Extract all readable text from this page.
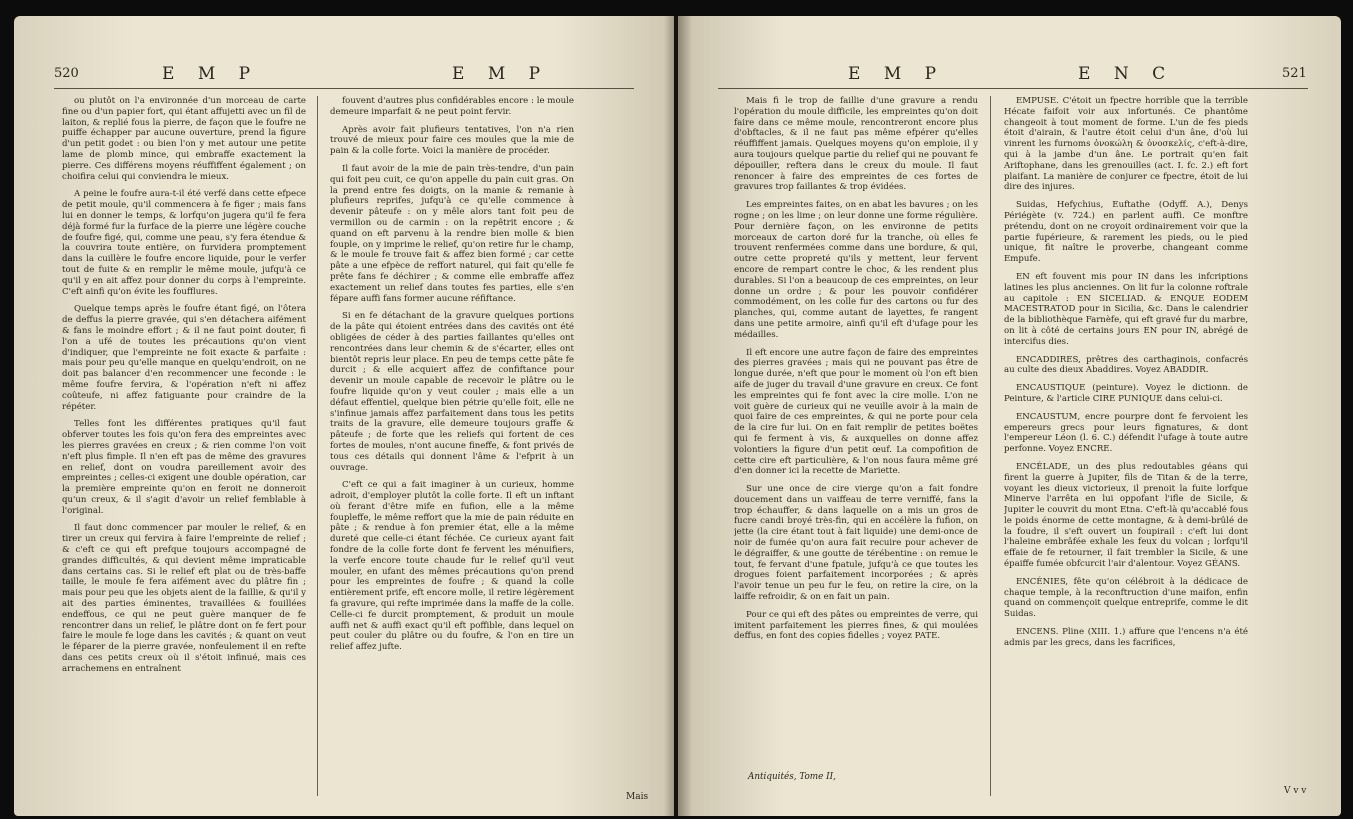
520	E M P	E M P

ou plutôt on l'a environnée d'un morceau de carte fine ou d'un papier fort, qui étant affujetti avec un fil de laiton, & replié fous la pierre, de façon que le foufre ne puiffe échapper par aucune ouverture, prend la figure d'un petit godet : ou bien l'on y met autour une petite lame de plomb mince, qui embraffe exactement la pierre. Ces différens moyens réuffiffent également ; on choifira celui qui conviendra le mieux.

A peine le foufre aura-t-il été verfé dans cette efpece de petit moule, qu'il commencera à fe figer ; mais fans lui en donner le temps, & lorfqu'on jugera qu'il fe fera déjà formé fur la furface de la pierre une légère couche de foufre figé, qui, comme une peau, s'y fera étendue & la couvrira toute entière, on furvidera promptement dans la cuillère le foufre encore liquide, pour le verfer tout de fuite & en remplir le même moule, jufqu'à ce qu'il y en ait affez pour donner du corps à l'empreinte. C'eft ainfi qu'on évite les foufflures.

Quelque temps après le foufre étant figé, on l'ôtera de deffus la pierre gravée, qui s'en détachera aifément & fans le moindre effort ; & il ne faut point douter, fi l'on a ufé de toutes les précautions qu'on vient d'indiquer, que l'empreinte ne foit exacte & parfaite : mais pour peu qu'elle manque en quelqu'endroit, on ne doit pas balancer d'en recommencer une feconde : le même foufre fervira, & l'opération n'eft ni affez coûteufe, ni affez fatiguante pour craindre de la répéter.

Telles font les différentes pratiques qu'il faut obferver toutes les fois qu'on fera des empreintes avec les pierres gravées en creux ; & rien comme l'on voit n'eft plus fimple. Il n'en eft pas de même des gravures en relief, dont on voudra pareillement avoir des empreintes ; celles-ci exigent une double opération, car la première empreinte qu'on en feroit ne donneroit qu'un creux, & il s'agit d'avoir un relief femblable à l'original.

Il faut donc commencer par mouler le relief, & en tirer un creux qui fervira à faire l'empreinte de relief ; & c'eft ce qui eft prefque toujours accompagné de grandes difficultés, & qui devient même impraticable dans certains cas. Si le relief eft plat ou de très-baffe taille, le moule fe fera aifément avec du plâtre fin ; mais pour peu que les objets aient de la faillie, & qu'il y ait des parties éminentes, travaillées & fouillées endeffous, ce qui ne peut guère manquer de fe rencontrer dans un relief, le plâtre dont on fe fert pour faire le moule fe loge dans les cavités ; & quant on veut le féparer de la pierre gravée, nonfeulement il en refte dans ces petits creux où il s'étoit infinué, mais ces arrachemens en entraînent

fouvent d'autres plus confidérables encore : le moule demeure imparfait & ne peut point fervir.

Après avoir fait plufieurs tentatives, l'on n'a rien trouvé de mieux pour faire ces moules que la mie de pain & la colle forte. Voici la manière de procéder.

Il faut avoir de la mie de pain très-tendre, d'un pain qui foit peu cuit, ce qu'on appelle du pain cuit gras. On la prend entre fes doigts, on la manie & remanie à plufieurs reprifes, jufqu'à ce qu'elle commence à devenir pâteufe : on y mêle alors tant foit peu de vermillon ou de carmin : on la repêtrit encore ; & quand on eft parvenu à la rendre bien molle & bien fouple, on y imprime le relief, qu'on retire fur le champ, & le moule fe trouve fait & affez bien formé ; car cette pâte a une efpèce de reffort naturel, qui fait qu'elle fe prête fans fe déchirer ; & comme elle embraffe affez exactement un relief dans toutes fes parties, elle s'en fépare auffi fans former aucune réfiftance.

Si en fe détachant de la gravure quelques portions de la pâte qui étoient entrées dans des cavités ont été obligées de céder à des parties faillantes qu'elles ont rencontrées dans leur chemin & de s'écarter, elles ont bientôt repris leur place. En peu de temps cette pâte fe durcit ; & elle acquiert affez de confiftance pour devenir un moule capable de recevoir le plâtre ou le foufre liquide qu'on y veut couler ; mais elle a un défaut effentiel, quelque bien pétrie qu'elle foit, elle ne s'infinue jamais affez parfaitement dans tous les petits traits de la gravure, elle demeure toujours graffe & pâteufe ; de forte que les reliefs qui fortent de ces fortes de moules, n'ont aucune fineffe, & font privés de tous ces détails qui donnent l'âme & l'efprit à un ouvrage.

C'eft ce qui a fait imaginer à un curieux, homme adroit, d'employer plutôt la colle forte. Il eft un inftant où ferant d'être mife en fufion, elle a la même foupleffe, le même reffort que la mie de pain réduite en pâte ; & rendue à fon premier état, elle a la même dureté que celle-ci étant féchée. Ce curieux ayant fait fondre de la colle forte dont fe fervent les ménuifiers, la verfe encore toute chaude fur le relief qu'il veut mouler, en ufant des mêmes précautions qu'on prend pour les empreintes de foufre ; & quand la colle entièrement prife, eft encore molle, il retire légèrement fa gravure, qui refte imprimée dans la maffe de la colle. Celle-ci fe durcit promptement, & produit un moule auffi net & auffi exact qu'il eft poffible, dans lequel on peut couler du plâtre ou du foufre, & l'on en tire un relief affez jufte.

Mais
E M P	E N C	521

Mais fi le trop de faillie d'une gravure a rendu l'opération du moule difficile, les empreintes qu'on doit faire dans ce même moule, rencontreront encore plus d'obftacles, & il ne faut pas même efpérer qu'elles réuffiffent jamais. Quelques moyens qu'on emploie, il y aura toujours quelque partie du relief qui ne pouvant fe dépouiller, reftera dans le creux du moule. Il faut renoncer à faire des empreintes de ces fortes de gravures trop faillantes & trop évidées.

Les empreintes faites, on en abat les bavures ; on les rogne ; on les lime ; on leur donne une forme régulière. Pour dernière façon, on les environne de petits morceaux de carton doré fur la tranche, où elles fe trouvent renfermées comme dans une bordure, & qui, outre cette propreté qu'ils y mettent, leur fervent encore de rempart contre le choc, & les rendent plus durables. Si l'on a beaucoup de ces empreintes, on leur donne un ordre ; & pour les pouvoir confidérer commodément, on les colle fur des cartons ou fur des planches, qui, comme autant de layettes, fe rangent dans une petite armoire, ainfi qu'il eft d'ufage pour les médailles.

Il eft encore une autre façon de faire des empreintes des pierres gravées ; mais qui ne pouvant pas être de longue durée, n'eft que pour le moment où l'on eft bien aife de juger du travail d'une gravure en creux. Ce font les empreintes qui fe font avec la cire molle. L'on ne voit guère de curieux qui ne veuille avoir à la main de quoi faire de ces empreintes, & qui ne porte pour cela de la cire fur lui. On en fait remplir de petites boëtes qui fe ferment à vis, & auxquelles on donne affez volontiers la figure d'un petit œuf. La compofition de cette cire eft particulière, & l'on nous faura même gré d'en donner ici la recette de Mariette.

Sur une once de cire vierge qu'on a fait fondre doucement dans un vaiffeau de terre verniffé, fans la trop échauffer, & dans laquelle on a mis un gros de fucre candi broyé très-fin, qui en accélère la fufion, on jette (la cire étant tout à fait liquide) une demi-once de noir de fumée qu'on aura fait recuire pour achever de le dégraiffer, & une goutte de térébentine : on remue le tout, fe fervant d'une fpatule, jufqu'à ce que toutes les drogues foient parfaitement incorporées ; & après l'avoir tenue un peu fur le feu, on retire la cire, on la laiffe refroidir, & on en fait un pain.

Pour ce qui eft des pâtes ou empreintes de verre, qui imitent parfaitement les pierres fines, & qui moulées deffus, en font des copies fidelles ; voyez PATE.

EMPUSE. C'étoit un fpectre horrible que la terrible Hécate faifoit voir aux infortunés. Ce phantôme changeoit à tout moment de forme. L'un de fes pieds étoit d'airain, & l'autre étoit celui d'un âne, d'où lui vinrent les furnoms ὀνοκώλη & ὀνοσκελίς, c'eft-à-dire, qui à la jambe d'un âne. Le portrait qu'en fait Ariftophane, dans les grenouilles (act. I. fc. 2.) eft fort plaifant. La manière de conjurer ce fpectre, étoit de lui dire des injures.

Suidas, Hefychius, Euftathe (Odyff. A.), Denys Périégète (v. 724.) en parlent auffi. Ce monftre prétendu, dont on ne croyoit ordinairement voir que la partie fupérieure, & rarement les pieds, ou le pied unique, fit naître le proverbe, changeant comme Empufe.

EN eft fouvent mis pour IN dans les infcriptions latines les plus anciennes. On lit fur la colonne roftrale au capitole : EN SICELIAD. & ENQUE EODEM MACESTRATOD pour in Sicilia, &c. Dans le calendrier de la bibliothèque Farnèfe, qui eft gravé fur du marbre, on lit à côté de certains jours EN pour IN, abrégé de intercifus dies.

ENCADDIRES, prêtres des carthaginois, confacrés au culte des dieux Abaddires. Voyez ABADDIR.

ENCAUSTIQUE (peinture). Voyez le dictionn. de Peinture, & l'article CIRE PUNIQUE dans celui-ci.

ENCAUSTUM, encre pourpre dont fe fervoient les empereurs grecs pour leurs fignatures, & dont l'empereur Léon (l. 6. C.) défendit l'ufage à toute autre perfonne. Voyez ENCRE.

ENCÉLADE, un des plus redoutables géans qui firent la guerre à Jupiter, fils de Titan & de la terre, voyant les dieux victorieux, il prenoit la fuite lorfque Minerve l'arrêta en lui oppofant l'ifle de Sicile, & Jupiter le couvrit du mont Etna. C'eft-là qu'accablé fous le poids énorme de cette montagne, & à demi-brûlé de la foudre, il s'eft ouvert un foupirail : c'eft lui dont l'haleine embrâfée exhale les feux du volcan ; lorfqu'il effaie de fe retourner, il fait trembler la Sicile, & une épaiffe fumée obfcurcit l'air d'alentour. Voyez GÉANS.

ENCÉNIES, fête qu'on célébroit à la dédicace de chaque temple, à la reconftruction d'une maifon, enfin quand on commençoit quelque entreprife, comme le dit Suidas.

ENCENS. Pline (XIII. 1.) affure que l'encens n'a été admis par les grecs, dans les facrifices,

Antiquités, Tome II,
V v v
